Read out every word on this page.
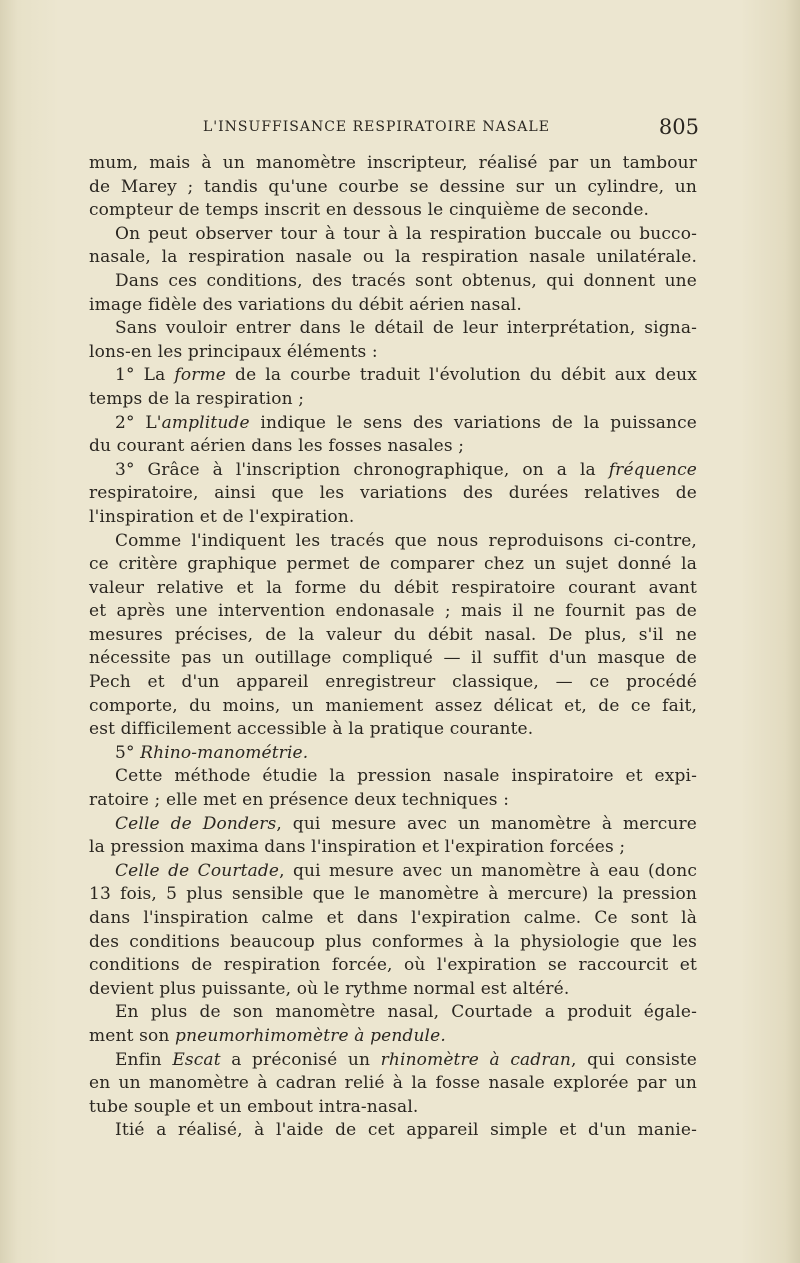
L'INSUFFISANCE RESPIRATOIRE NASALE	805
mum, mais à un manomètre inscripteur, réalisé par un tambour
de Marey ; tandis qu'une courbe se dessine sur un cylindre, un
compteur de temps inscrit en dessous le cinquième de seconde.
On peut observer tour à tour à la respiration buccale ou bucco-
nasale, la respiration nasale ou la respiration nasale unilatérale.
Dans ces conditions, des tracés sont obtenus, qui donnent une
image fidèle des variations du débit aérien nasal.
Sans vouloir entrer dans le détail de leur interprétation, signa-
lons-en les principaux éléments :
1° La forme de la courbe traduit l'évolution du débit aux deux
temps de la respiration ;
2° L'amplitude indique le sens des variations de la puissance
du courant aérien dans les fosses nasales ;
3° Grâce à l'inscription chronographique, on a la fréquence
respiratoire, ainsi que les variations des durées relatives de
l'inspiration et de l'expiration.
Comme l'indiquent les tracés que nous reproduisons ci-contre,
ce critère graphique permet de comparer chez un sujet donné la
valeur relative et la forme du débit respiratoire courant avant
et après une intervention endonasale ; mais il ne fournit pas de
mesures précises, de la valeur du débit nasal. De plus, s'il ne
nécessite pas un outillage compliqué — il suffit d'un masque de
Pech et d'un appareil enregistreur classique, — ce procédé
comporte, du moins, un maniement assez délicat et, de ce fait,
est difficilement accessible à la pratique courante.
5° Rhino-manométrie.
Cette méthode étudie la pression nasale inspiratoire et expi-
ratoire ; elle met en présence deux techniques :
Celle de Donders, qui mesure avec un manomètre à mercure
la pression maxima dans l'inspiration et l'expiration forcées ;
Celle de Courtade, qui mesure avec un manomètre à eau (donc
13 fois, 5 plus sensible que le manomètre à mercure) la pression
dans l'inspiration calme et dans l'expiration calme. Ce sont là
des conditions beaucoup plus conformes à la physiologie que les
conditions de respiration forcée, où l'expiration se raccourcit et
devient plus puissante, où le rythme normal est altéré.
En plus de son manomètre nasal, Courtade a produit égale-
ment son pneumorhimomètre à pendule.
Enfin Escat a préconisé un rhinomètre à cadran, qui consiste
en un manomètre à cadran relié à la fosse nasale explorée par un
tube souple et un embout intra-nasal.
Itié a réalisé, à l'aide de cet appareil simple et d'un manie-
